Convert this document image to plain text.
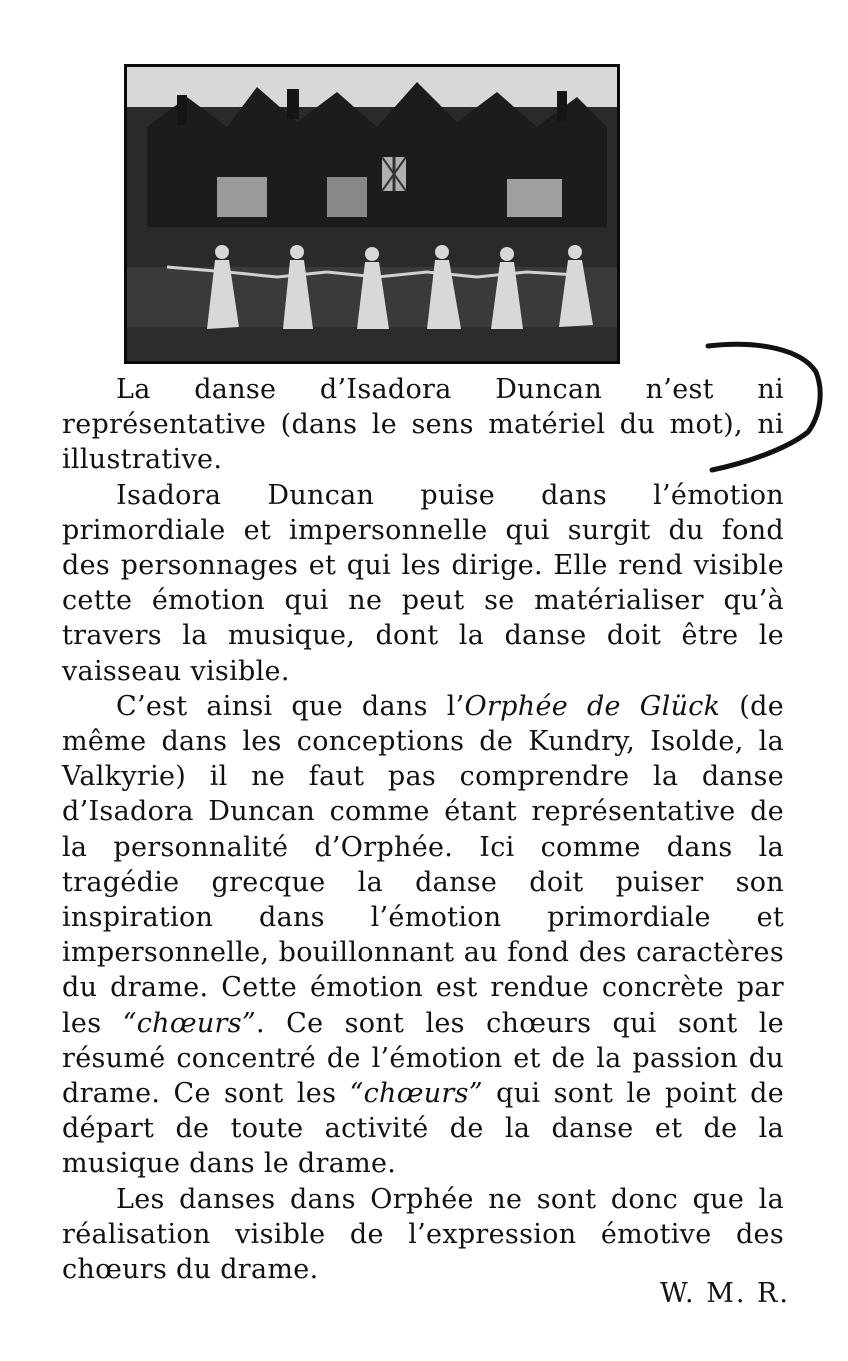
La danse d’Isadora Duncan n’est ni représentative (dans le sens matériel du mot), ni illustrative.

Isadora Duncan puise dans l’émotion primordiale et impersonnelle qui surgit du fond des personnages et qui les dirige. Elle rend visible cette émotion qui ne peut se matérialiser qu’à travers la musique, dont la danse doit être le vaisseau visible.

C’est ainsi que dans l’Orphée de Glück (de même dans les conceptions de Kundry, Isolde, la Valkyrie) il ne faut pas comprendre la danse d’Isadora Duncan comme étant représentative de la personnalité d’Orphée. Ici comme dans la tragédie grecque la danse doit puiser son inspiration dans l’émotion primordiale et impersonnelle, bouillonnant au fond des caractères du drame. Cette émotion est rendue concrète par les “chœurs”. Ce sont les chœurs qui sont le résumé concentré de l’émotion et de la passion du drame. Ce sont les “chœurs” qui sont le point de départ de toute activité de la danse et de la musique dans le drame.

Les danses dans Orphée ne sont donc que la réalisation visible de l’expression émotive des chœurs du drame.

W. M. R.
